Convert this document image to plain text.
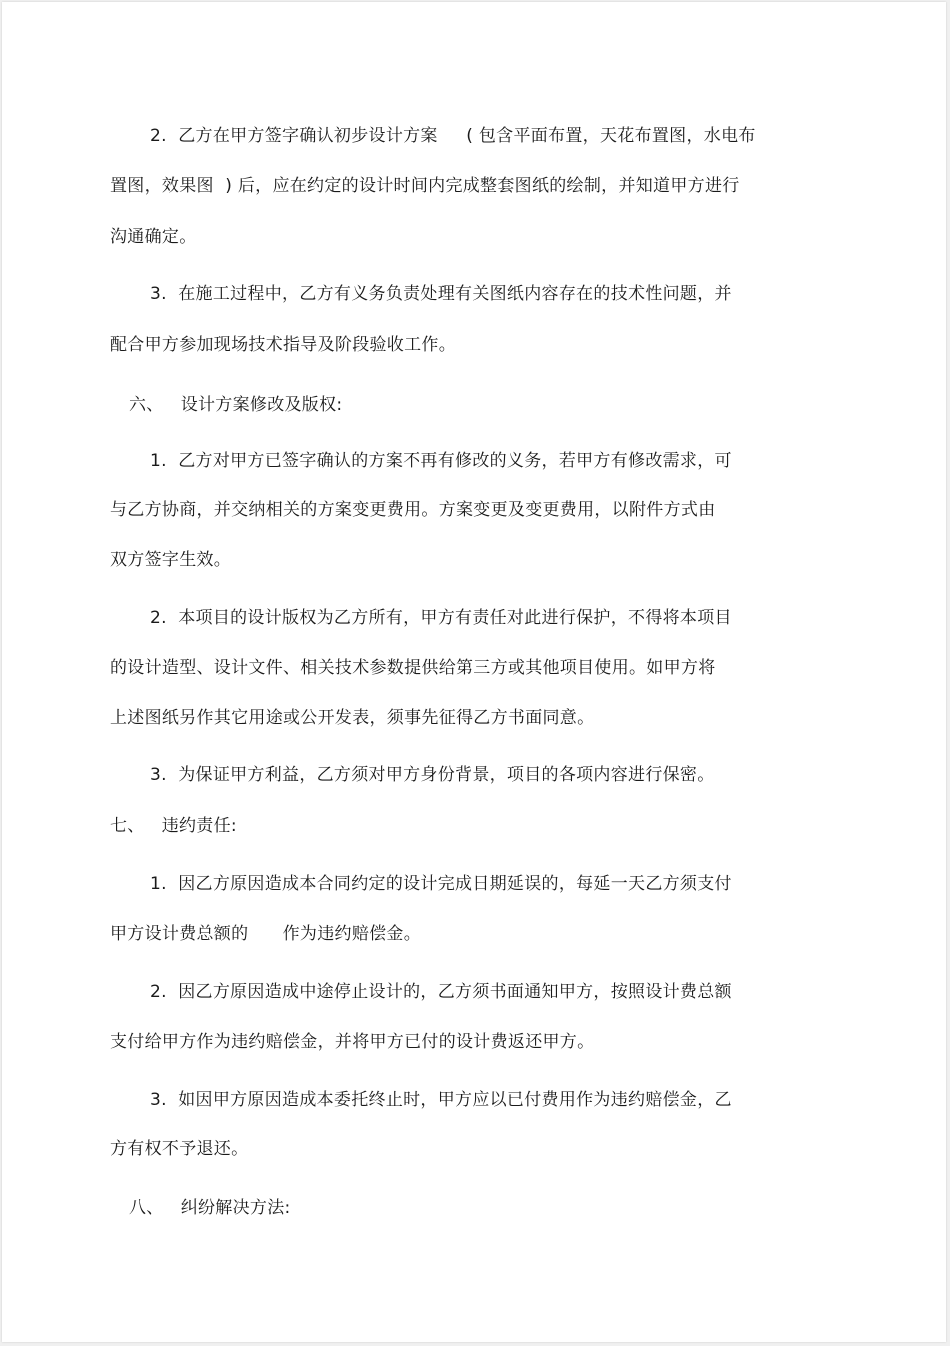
2.  乙方在甲方签字确认初步设计方案     ( 包含平面布置，天花布置图，水电布
置图，效果图  ) 后，应在约定的设计时间内完成整套图纸的绘制，并知道甲方进行
沟通确定。
3.  在施工过程中，乙方有义务负责处理有关图纸内容存在的技术性问题，并
配合甲方参加现场技术指导及阶段验收工作。
六、   设计方案修改及版权:
1.  乙方对甲方已签字确认的方案不再有修改的义务，若甲方有修改需求，可
与乙方协商，并交纳相关的方案变更费用。方案变更及变更费用，以附件方式由
双方签字生效。
2.  本项目的设计版权为乙方所有，甲方有责任对此进行保护，不得将本项目
的设计造型、设计文件、相关技术参数提供给第三方或其他项目使用。如甲方将
上述图纸另作其它用途或公开发表，须事先征得乙方书面同意。
3.  为保证甲方利益，乙方须对甲方身份背景，项目的各项内容进行保密。
七、   违约责任:
1.  因乙方原因造成本合同约定的设计完成日期延误的，每延一天乙方须支付
甲方设计费总额的      作为违约赔偿金。
2.  因乙方原因造成中途停止设计的，乙方须书面通知甲方，按照设计费总额
支付给甲方作为违约赔偿金，并将甲方已付的设计费返还甲方。
3.  如因甲方原因造成本委托终止时，甲方应以已付费用作为违约赔偿金，乙
方有权不予退还。
八、   纠纷解决方法:
